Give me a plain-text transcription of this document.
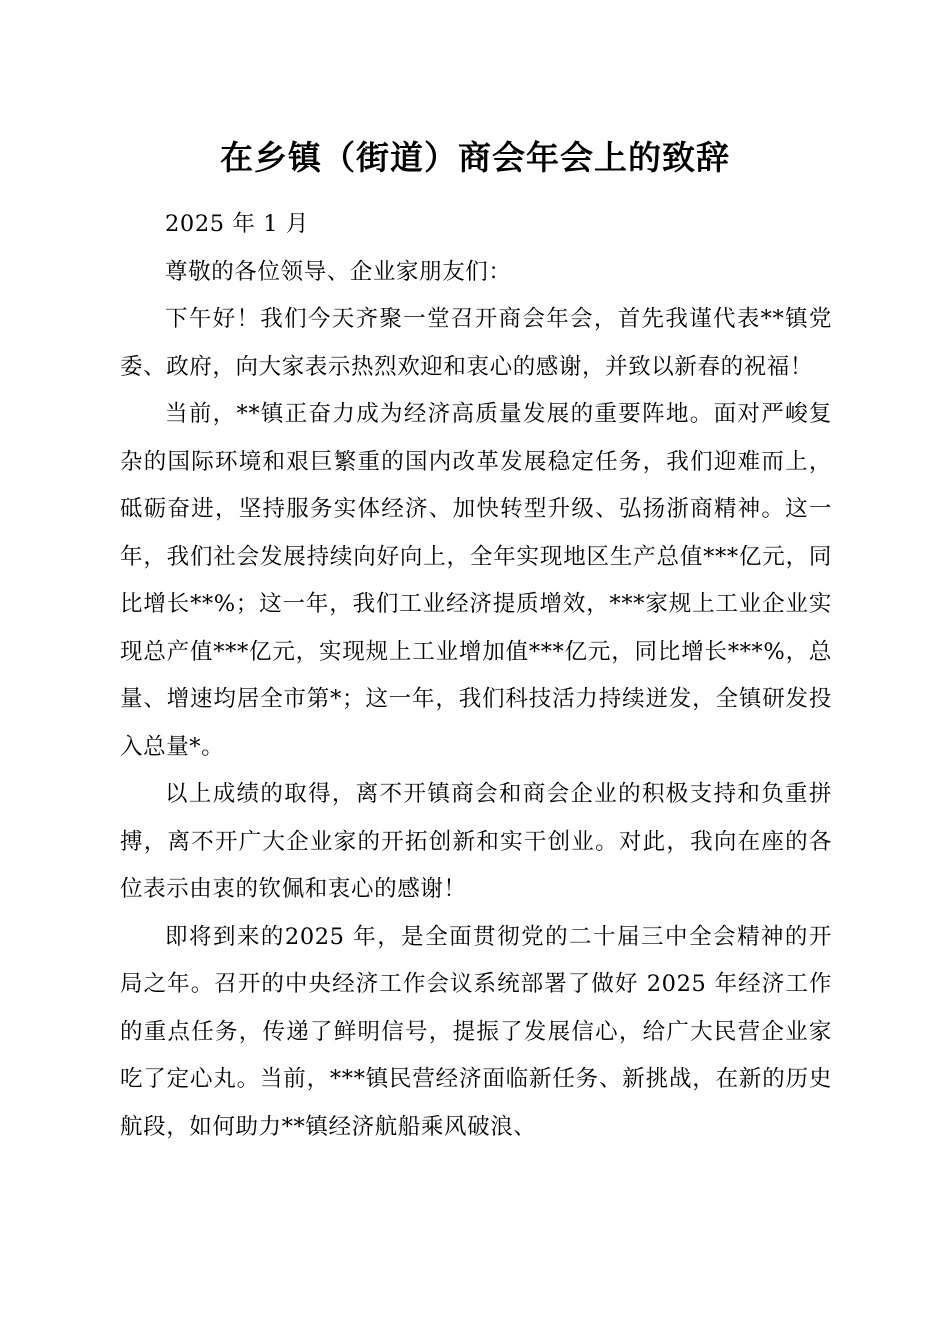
在乡镇（街道）商会年会上的致辞

2025 年 1 月

尊敬的各位领导、企业家朋友们：

下午好！我们今天齐聚一堂召开商会年会，首先我谨代表**镇党委、政府，向大家表示热烈欢迎和衷心的感谢，并致以新春的祝福！

当前，**镇正奋力成为经济高质量发展的重要阵地。面对严峻复杂的国际环境和艰巨繁重的国内改革发展稳定任务，我们迎难而上，砥砺奋进，坚持服务实体经济、加快转型升级、弘扬浙商精神。这一年，我们社会发展持续向好向上，全年实现地区生产总值***亿元，同比增长**%；这一年，我们工业经济提质增效，***家规上工业企业实现总产值***亿元，实现规上工业增加值***亿元，同比增长***%，总量、增速均居全市第*；这一年，我们科技活力持续迸发，全镇研发投入总量*。

以上成绩的取得，离不开镇商会和商会企业的积极支持和负重拼搏，离不开广大企业家的开拓创新和实干创业。对此，我向在座的各位表示由衷的钦佩和衷心的感谢！

即将到来的2025 年，是全面贯彻党的二十届三中全会精神的开局之年。召开的中央经济工作会议系统部署了做好 2025 年经济工作的重点任务，传递了鲜明信号，提振了发展信心，给广大民营企业家吃了定心丸。当前，***镇民营经济面临新任务、新挑战，在新的历史航段，如何助力**镇经济航船乘风破浪、
